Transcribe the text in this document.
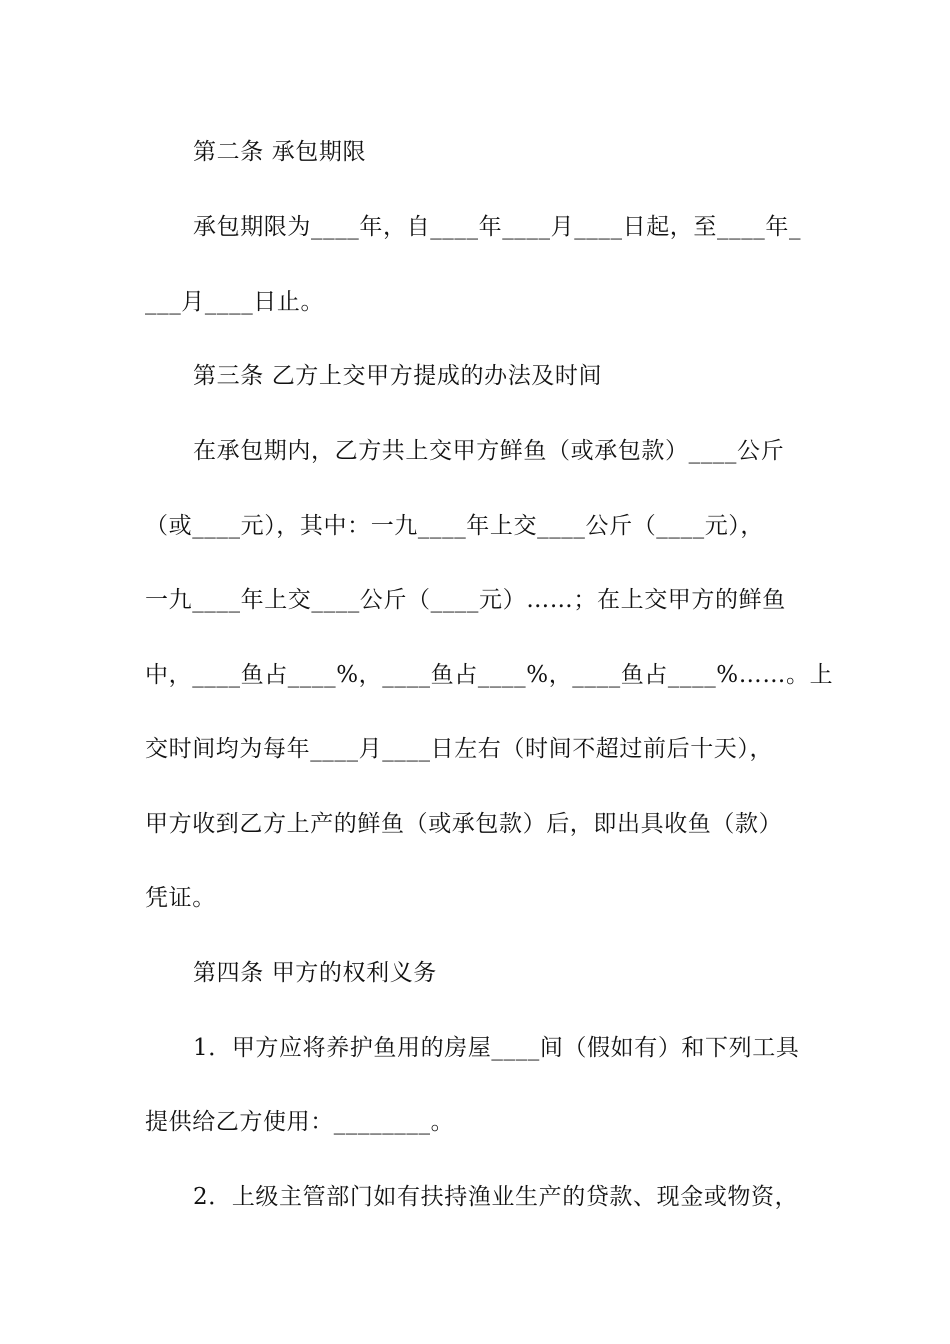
第二条 承包期限
承包期限为____年，自____年____月____日起，至____年_
___月____日止。
第三条 乙方上交甲方提成的办法及时间
在承包期内，乙方共上交甲方鲜鱼（或承包款）____公斤
（或____元），其中：一九____年上交____公斤（____元），
一九____年上交____公斤（____元）……；在上交甲方的鲜鱼
中，____鱼占____%，____鱼占____%，____鱼占____%……。上
交时间均为每年____月____日左右（时间不超过前后十天），
甲方收到乙方上产的鲜鱼（或承包款）后，即出具收鱼（款）
凭证。
第四条 甲方的权利义务
1．甲方应将养护鱼用的房屋____间（假如有）和下列工具
提供给乙方使用：________。
2．上级主管部门如有扶持渔业生产的贷款、现金或物资，
